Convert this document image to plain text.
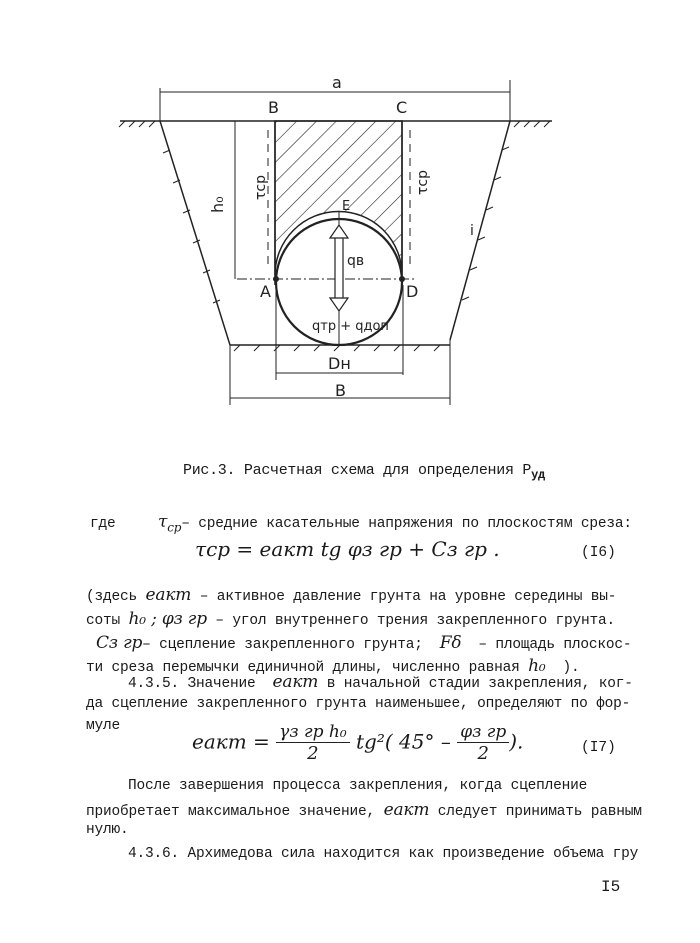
a
B	C
h₀
τср	τср
E
qв
A	D
qтр + qдоп
Dн
B
i
Рис.3. Расчетная схема для определения $P_{уд}$
где	$\tau_{ср}-$ средние касательные напряжения по плоскостям среза:
τср = eакт tg φз гр + Cз гр .	(I6)
(здесь eакт – активное давление грунта на уровне середины вы-
соты h₀ ; φз гр – угол внутреннего трения закрепленного грунта.
Cз гр– сцепление закрепленного грунта; Fδ – площадь плоскос-
ти среза перемычки единичной длины, численно равная h₀ ).
4.3.5. Значение eакт в начальной стадии закрепления, ког-
да сцепление закрепленного грунта наименьшее, определяют по фор-
муле
eакт = $\frac{\text{γз гр h₀}}{2} tg^2$( $45^\circ - \frac{\text{φз гр}}{2}$ ).	(I7)
После завершения процесса закрепления, когда сцепление
приобретает максимальное значение, eакт следует принимать равным
нулю.
4.3.6. Архимедова сила находится как произведение объема гру
I5
